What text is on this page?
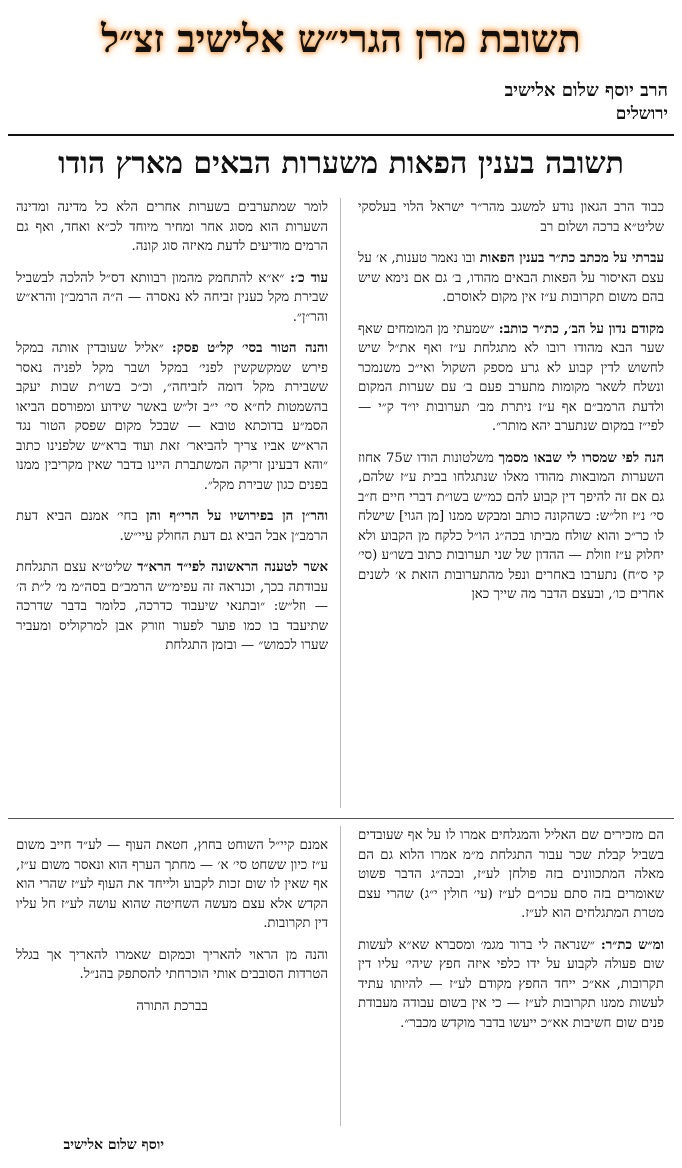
תשובת מרן הגרי״ש אלישיב זצ״ל
הרב יוסף שלום אלישיב
ירושלים
תשובה בענין הפאות משערות הבאים מארץ הודו

כבוד הרב הגאון נודע למשגב מהר״ר ישראל הלוי בעלסקי שליט״א ברכה ושלום רב

עברתי על מכתב כת״ר בענין הפאות ובו נאמר טענות, א׳ על עצם האיסור על הפאות הבאים מהודו, ב׳ גם אם נימא שיש בהם משום תקרובות ע״ז אין מקום לאוסרם.

מקודם נדון על הב׳, כת״ר כותב: ״שמעתי מן המומחים שאף שער הבא מהודו רובו לא מתגלחת ע״ז ואף את״ל שיש לחשוש לדין קבוע לא גרע מספק השקול ואי״כ משנמכר ונשלח לשאר מקומות מתערב פעם ב׳ עם שערות המקום ולדעת הרמב״ם אף ע״ז ניתרת מב׳ תערובות יו״ד ק״י — לפי״ז במקום שנתערב יהא מותר״.

הנה לפי שמסרו לי שבאו מסמך משלטונות הודו ש75 אחוז השערות המובאות מהודו מאלו שנתגלחו בבית ע״ז שלהם, גם אם זה להיפך דין קבוע להם כמ״ש בשו״ת דברי חיים ח״ב סי׳ נ״ז וזל״ש: כשהקונה כותב ומבקש ממנו [מן הגוי] שישלח לו כר״כ והוא שולח מביתו בכה״ג הו״ל כלקח מן הקבוע ולא יחלוק ע״ז וזולת — ההדון של שני תערובות כתוב בשו״ע (סי׳ קי ס״ח) נתערבו באחרים ונפל מהתערובות הזאת א׳ לשנים אחרים כו׳, ובעצם הדבר מה שייך כאן

לומר שמתערבים בשערות אחרים הלא כל מדינה ומדינה השערות הוא מסוג אחר ומחיר מיוחד לכ״א ואחד, ואף גם הרמים מודיעים לדעת מאיזה סוג קונה.

עוד כ׳: ״א״א להתחמק מהמון רבוותא דס״ל להלכה לבשביל שבירת מקל כענין זביחה לא נאסרה — ה״ה הרמב״ן והרא״ש והר״ן״.

והנה הטור בסי׳ קל״ט פסק: ״אליל שעובדין אותה במקל פירש שמקשקשין לפני׳ במקל ושבר מקל לפניה נאסר ששבירת מקל דומה לזביחה״, וכ״כ בשו״ת שבות יעקב בהשמטות לח״א סי׳ י״ב זל״ש באשר שידוע ומפורסם הביאו הסמ״ע בדוכתא טובא — שבכל מקום שפסק הטור נגד הרא״ש אביו צריך להביאר׳ זאת ועוד ברא״ש שלפנינו כתוב ״והא דבעינן זריקה המשתברת היינו בדבר שאין מקריבין ממנו בפנים כגון שבירת מקל״.

והר״ן הן בפירושיו על הרי״ף והן בחי׳ אמנם הביא דעת הרמב״ן אבל הביא גם דעת החולק עיי״ש.

אשר לטענה הראשונה לפי״ד הרא״ד שליט״א עצם התגלחת עבודתה בכך, וכנראה זה עפימ״ש הרמב״ם בסה״מ מ׳ ל״ת ה׳ — וזל״ש: ״ובתנאי שיעבוד כדרכה, כלומר בדבר שדרכה שתיעבד בו כמו פוער לפעור וזורק אבן למרקוליס ומעביר שערו לכמוש״ — ובזמן התגלחת

הם מזכירים שם האליל והמגלחים אמרו לו על אף שעובדים בשביל קבלת שכר עבור התגלחת מ״מ אמרו הלוא גם הם מאלה המתכוונים בזה פולחן לע״ז, ובכה״ג הדבר פשוט שאומרים בזה סתם עכו״ם לע״ז (עי׳ חולין י״ג) שהרי עצם מטרת המתגלחים הוא לע״ז.

ומ״ש כת״ר: ״שנראה לי ברור מגמ׳ ומסברא שא״א לעשות שום פעולה לקבוע על ידו כלפי איזה חפץ שיהי׳ עליו דין תקרובות, אא״כ ייחד החפץ מקודם לע״ז — להיותו עתיד לעשות ממנו תקרובות לע״ז — כי אין בשום עבודה מעבודת פנים שום חשיבות אא״כ ייעשו בדבר מוקדש מכבר״.

אמנם קיי״ל השוחט בחוץ, חטאת העוף — לע״ד חייב משום ע״ז כיון ששחט סי׳ א׳ — מחתך הערף הוא ונאסר משום ע״ז, אף שאין לו שום זכות לקבוע ולייחד את העוף לע״ז שהרי הוא הקדש אלא עצם מעשה השחיטה שהוא עושה לע״ז חל עליו דין תקרובות.

והנה מן הראוי להאריך וכמקום שאמרו להאריך אך בגלל הטרדות הסובבים אותי הוכרחתי להסתפק בהנ״ל.

בברכת התורה

יוסף שלום אלישיב
